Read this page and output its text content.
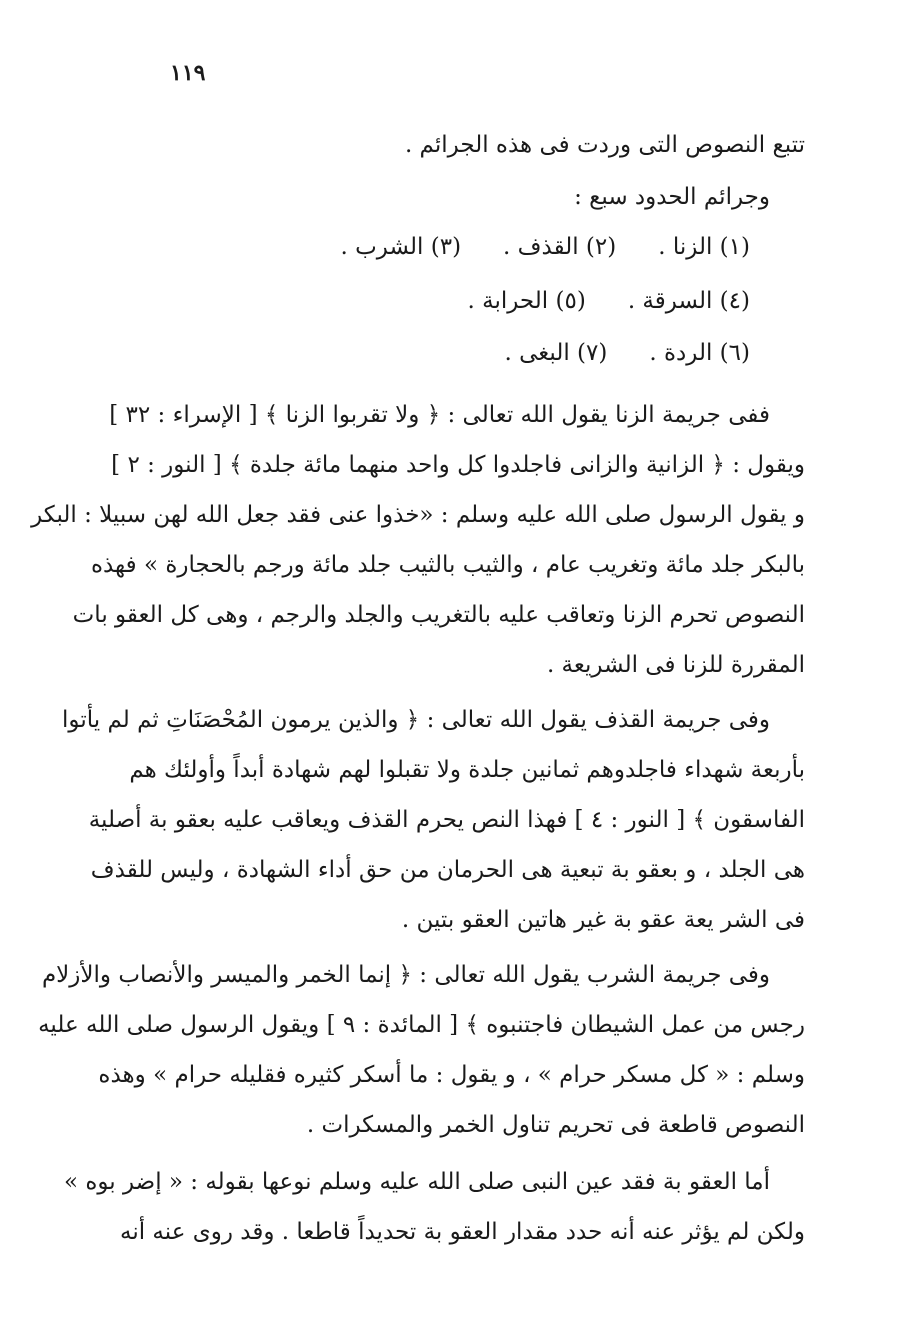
١١٩
تتبع النصوص التى وردت فى هذه الجرائم .
وجرائم الحدود سبع :
(١) الزنا .(٢) القذف .(٣) الشرب .
(٤) السرقة .(٥) الحرابة .
(٦) الردة .(٧) البغى .
ففى جريمة الزنا يقول الله تعالى : ﴿ ولا تقربوا الزنا ﴾ [ الإسراء : ٣٢ ]
ويقول : ﴿ الزانية والزانى فاجلدوا كل واحد منهما مائة جلدة ﴾ [ النور : ٢ ]
و يقول الرسول صلى الله عليه وسلم : «خذوا عنى فقد جعل الله لهن سبيلا : البكر
بالبكر جلد مائة وتغريب عام ، والثيب بالثيب جلد مائة ورجم بالحجارة » فهذه
النصوص تحرم الزنا وتعاقب عليه بالتغريب والجلد والرجم ، وهى كل العقو بات
المقررة للزنا فى الشريعة .
وفى جريمة القذف يقول الله تعالى : ﴿ والذين يرمون المُحْصَنَاتِ ثم لم يأتوا
بأربعة شهداء فاجلدوهم ثمانين جلدة ولا تقبلوا لهم شهادة أبداً وأولئك هم
الفاسقون ﴾ [ النور : ٤ ] فهذا النص يحرم القذف ويعاقب عليه بعقو بة أصلية
هى الجلد ، و بعقو بة تبعية هى الحرمان من حق أداء الشهادة ، وليس للقذف
فى الشر يعة عقو بة غير هاتين العقو بتين .
وفى جريمة الشرب يقول الله تعالى : ﴿ إنما الخمر والميسر والأنصاب والأزلام
رجس من عمل الشيطان فاجتنبوه ﴾ [ المائدة : ٩ ] ويقول الرسول صلى الله عليه
وسلم : « كل مسكر حرام » ، و يقول : ما أسكر كثيره فقليله حرام » وهذه
النصوص قاطعة فى تحريم تناول الخمر والمسكرات .
أما العقو بة فقد عين النبى صلى الله عليه وسلم نوعها بقوله : « إضر بوه »
ولكن لم يؤثر عنه أنه حدد مقدار العقو بة تحديداً قاطعا . وقد روى عنه أنه
